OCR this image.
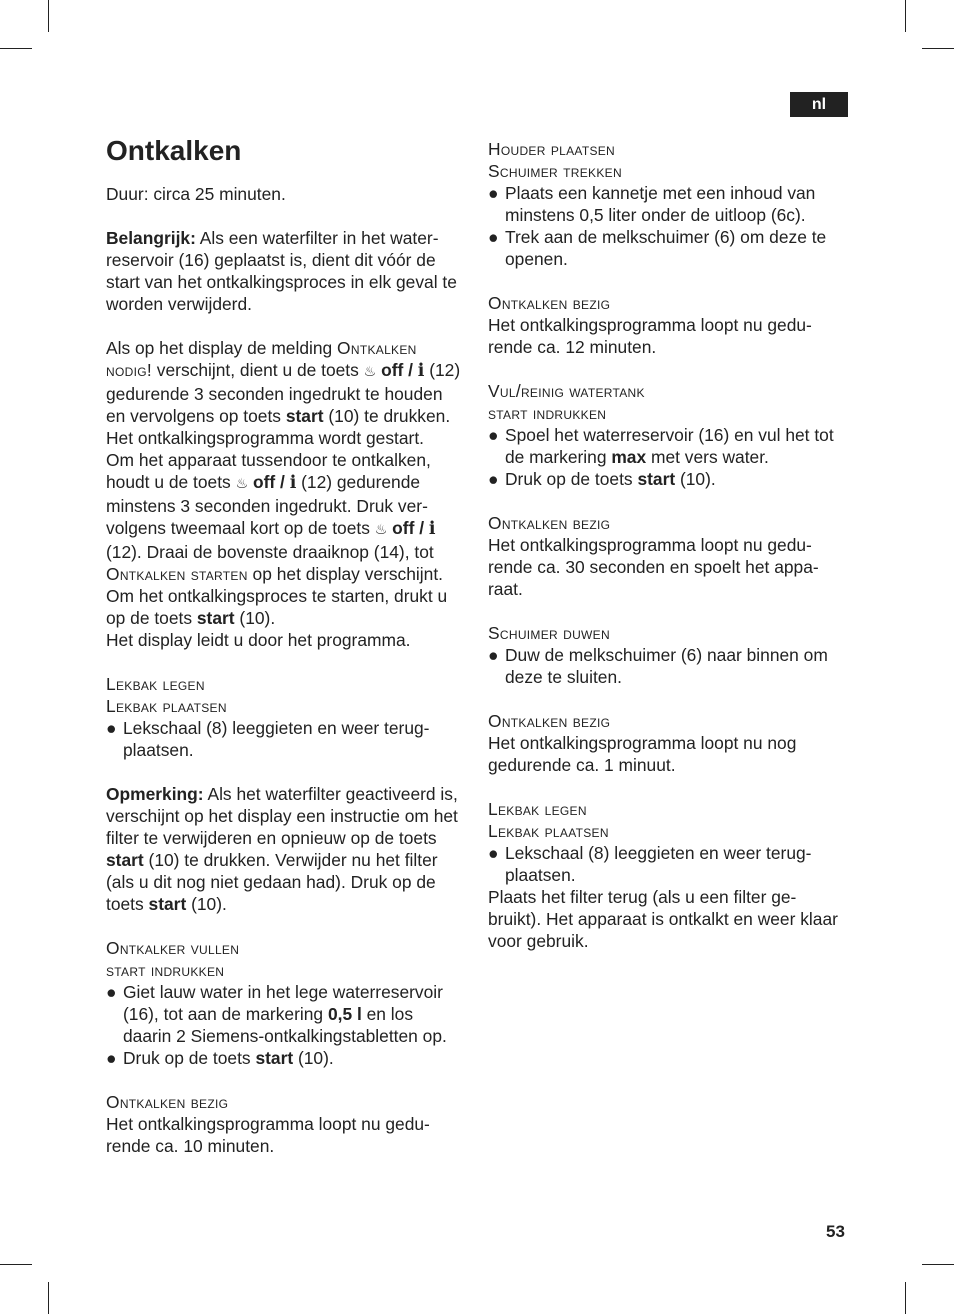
nl
Ontkalken

Duur: circa 25 minuten.

Belangrijk: Als een waterfilter in het water-reservoir (16) geplaatst is, dient dit vóór de start van het ontkalkingsproces in elk geval te worden verwijderd.

Als op het display de melding Ontkalken nodig! verschijnt, dient u de toets ♨ off / i (12) gedurende 3 seconden ingedrukt te houden en vervolgens op toets start (10) te drukken. Het ontkalkingsprogramma wordt gestart.

Om het apparaat tussendoor te ontkalken, houdt u de toets ♨ off / i (12) gedurende minstens 3 seconden ingedrukt. Druk ver-volgens tweemaal kort op de toets ♨ off / i (12). Draai de bovenste draaiknop (14), tot Ontkalken starten op het display verschijnt. Om het ontkalkingsproces te starten, drukt u op de toets start (10).

Het display leidt u door het programma.

Lekbak legen

Lekbak plaatsen

● Lekschaal (8) leeggieten en weer terug-plaatsen.

Opmerking: Als het waterfilter geactiveerd is, verschijnt op het display een instructie om het filter te verwijderen en opnieuw op de toets start (10) te drukken. Verwijder nu het filter (als u dit nog niet gedaan had). Druk op de toets start (10).

Ontkalker vullen

start indrukken

● Giet lauw water in het lege waterreservoir (16), tot aan de markering 0,5 l en los daarin 2 Siemens-ontkalkingstabletten op.

● Druk op de toets start (10).

Ontkalken bezig

Het ontkalkingsprogramma loopt nu gedu-rende ca. 10 minuten.

Houder plaatsen

Schuimer trekken

● Plaats een kannetje met een inhoud van minstens 0,5 liter onder de uitloop (6c).

● Trek aan de melkschuimer (6) om deze te openen.

Ontkalken bezig

Het ontkalkingsprogramma loopt nu gedu-rende ca. 12 minuten.

Vul/reinig watertank

start indrukken

● Spoel het waterreservoir (16) en vul het tot de markering max met vers water.

● Druk op de toets start (10).

Ontkalken bezig

Het ontkalkingsprogramma loopt nu gedu-rende ca. 30 seconden en spoelt het appa-raat.

Schuimer duwen

● Duw de melkschuimer (6) naar binnen om deze te sluiten.

Ontkalken bezig

Het ontkalkingsprogramma loopt nu nog gedurende ca. 1 minuut.

Lekbak legen

Lekbak plaatsen

● Lekschaal (8) leeggieten en weer terug-plaatsen.

Plaats het filter terug (als u een filter ge-bruikt). Het apparaat is ontkalkt en weer klaar voor gebruik.

53
